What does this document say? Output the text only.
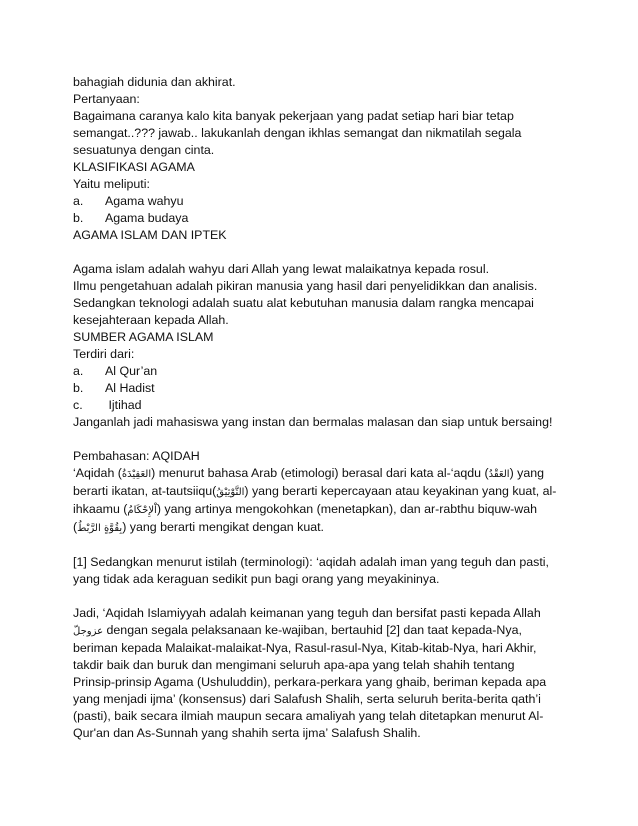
bahagiah didunia dan akhirat.
Pertanyaan:
Bagaimana caranya kalo kita banyak pekerjaan yang padat setiap hari biar tetap
semangat..??? jawab.. lakukanlah dengan ikhlas semangat dan nikmatilah segala
sesuatunya dengan cinta.
KLASIFIKASI AGAMA
Yaitu meliputi:
a.	Agama wahyu
b.	Agama budaya
AGAMA ISLAM DAN IPTEK
Agama islam adalah wahyu dari Allah yang lewat malaikatnya kepada rosul.
Ilmu pengetahuan adalah pikiran manusia yang hasil dari penyelidikkan dan analisis.
Sedangkan teknologi adalah suatu alat kebutuhan manusia dalam rangka mencapai
kesejahteraan kepada Allah.
SUMBER AGAMA ISLAM
Terdiri dari:
a.	Al Qur’an
b.	Al Hadist
c.	Ijtihad
Janganlah jadi mahasiswa yang instan dan bermalas malasan dan siap untuk bersaing!
Pembahasan: AQIDAH
‘Aqidah (العَقِيْدَةُ) menurut bahasa Arab (etimologi) berasal dari kata al-‘aqdu (العَقْدُ) yang
berarti ikatan, at-tautsiiqu(التَّوْثِيْقُ) yang berarti kepercayaan atau keyakinan yang kuat, al-
ihkaamu (اْلإِحْكَامُ) yang artinya mengokohkan (menetapkan), dan ar-rabthu biquw-wah
(بِقُوَّةٍ الرَّبْطُ) yang berarti mengikat dengan kuat.
[1] Sedangkan menurut istilah (terminologi): ‘aqidah adalah iman yang teguh dan pasti,
yang tidak ada keraguan sedikit pun bagi orang yang meyakininya.
Jadi, ‘Aqidah Islamiyyah adalah keimanan yang teguh dan bersifat pasti kepada Allah
عزوجلّ dengan segala pelaksanaan ke-wajiban, bertauhid [2] dan taat kepada-Nya,
beriman kepada Malaikat-malaikat-Nya, Rasul-rasul-Nya, Kitab-kitab-Nya, hari Akhir,
takdir baik dan buruk dan mengimani seluruh apa-apa yang telah shahih tentang
Prinsip-prinsip Agama (Ushuluddin), perkara-perkara yang ghaib, beriman kepada apa
yang menjadi ijma’ (konsensus) dari Salafush Shalih, serta seluruh berita-berita qath’i
(pasti), baik secara ilmiah maupun secara amaliyah yang telah ditetapkan menurut Al-
Qur'an dan As-Sunnah yang shahih serta ijma’ Salafush Shalih.
